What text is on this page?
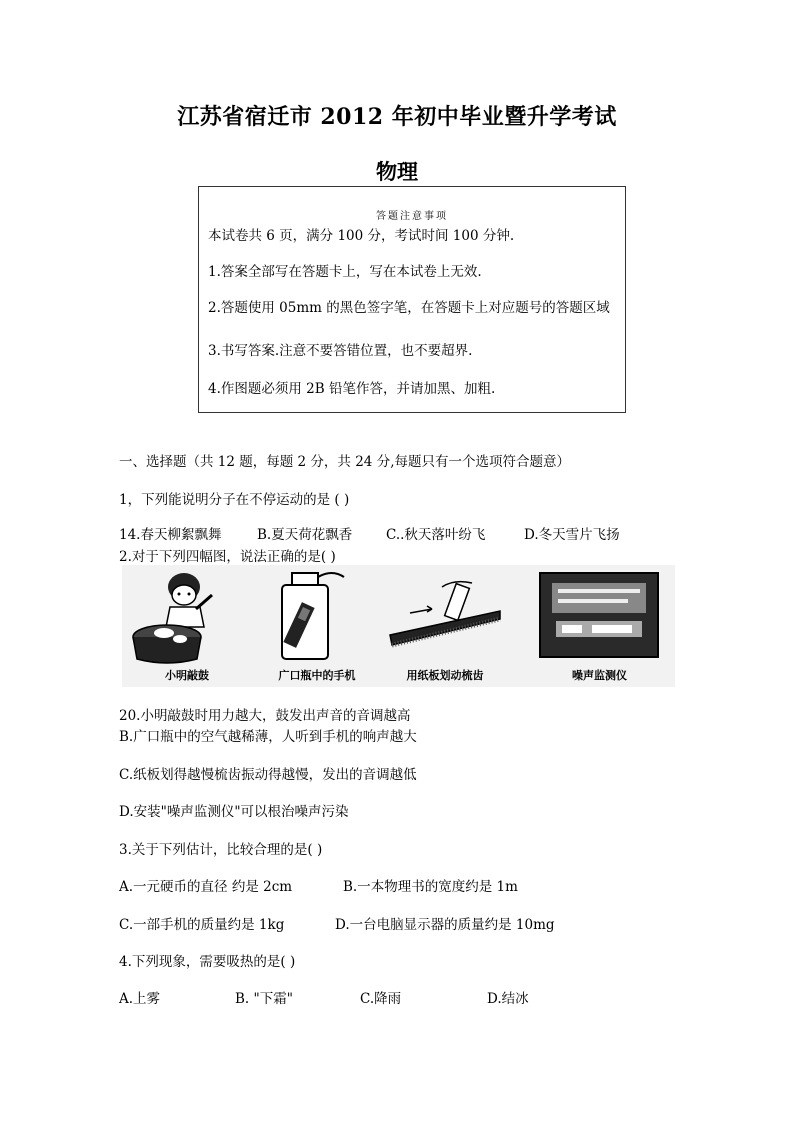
江苏省宿迁市 2012 年初中毕业暨升学考试
物理
答题注意事项
本试卷共 6 页，满分 100 分，考试时间 100 分钟.
1.答案全部写在答题卡上，写在本试卷上无效.
2.答题使用 05mm 的黑色签字笔，在答题卡上对应题号的答题区域
3.书写答案.注意不要答错位置，也不要超界.
4.作图题必须用 2B 铅笔作答，并请加黑、加粗.
一、选择题（共 12 题，每题 2 分，共 24 分,每题只有一个选项符合题意）
1，下列能说明分子在不停运动的是 ( )
14.春天柳絮飘舞	B.夏天荷花飘香	C..秋天落叶纷飞	D.冬天雪片飞扬
2.对于下列四幅图，说法正确的是( )
小明敲鼓	广口瓶中的手机	用纸板划动梳齿	噪声监测仪
20.小明敲鼓时用力越大，鼓发出声音的音调越高
B.广口瓶中的空气越稀薄，人听到手机的响声越大
C.纸板划得越慢梳齿振动得越慢，发出的音调越低
D.安装"噪声监测仪"可以根治噪声污染
3.关于下列估计，比较合理的是( )
A.一元硬币的直径 约是 2cm	B.一本物理书的宽度约是 1m
C.一部手机的质量约是 1kg	D.一台电脑显示器的质量约是 10mg
4.下列现象，需要吸热的是( )
A.上雾	B. "下霜"	C.降雨	D.结冰
